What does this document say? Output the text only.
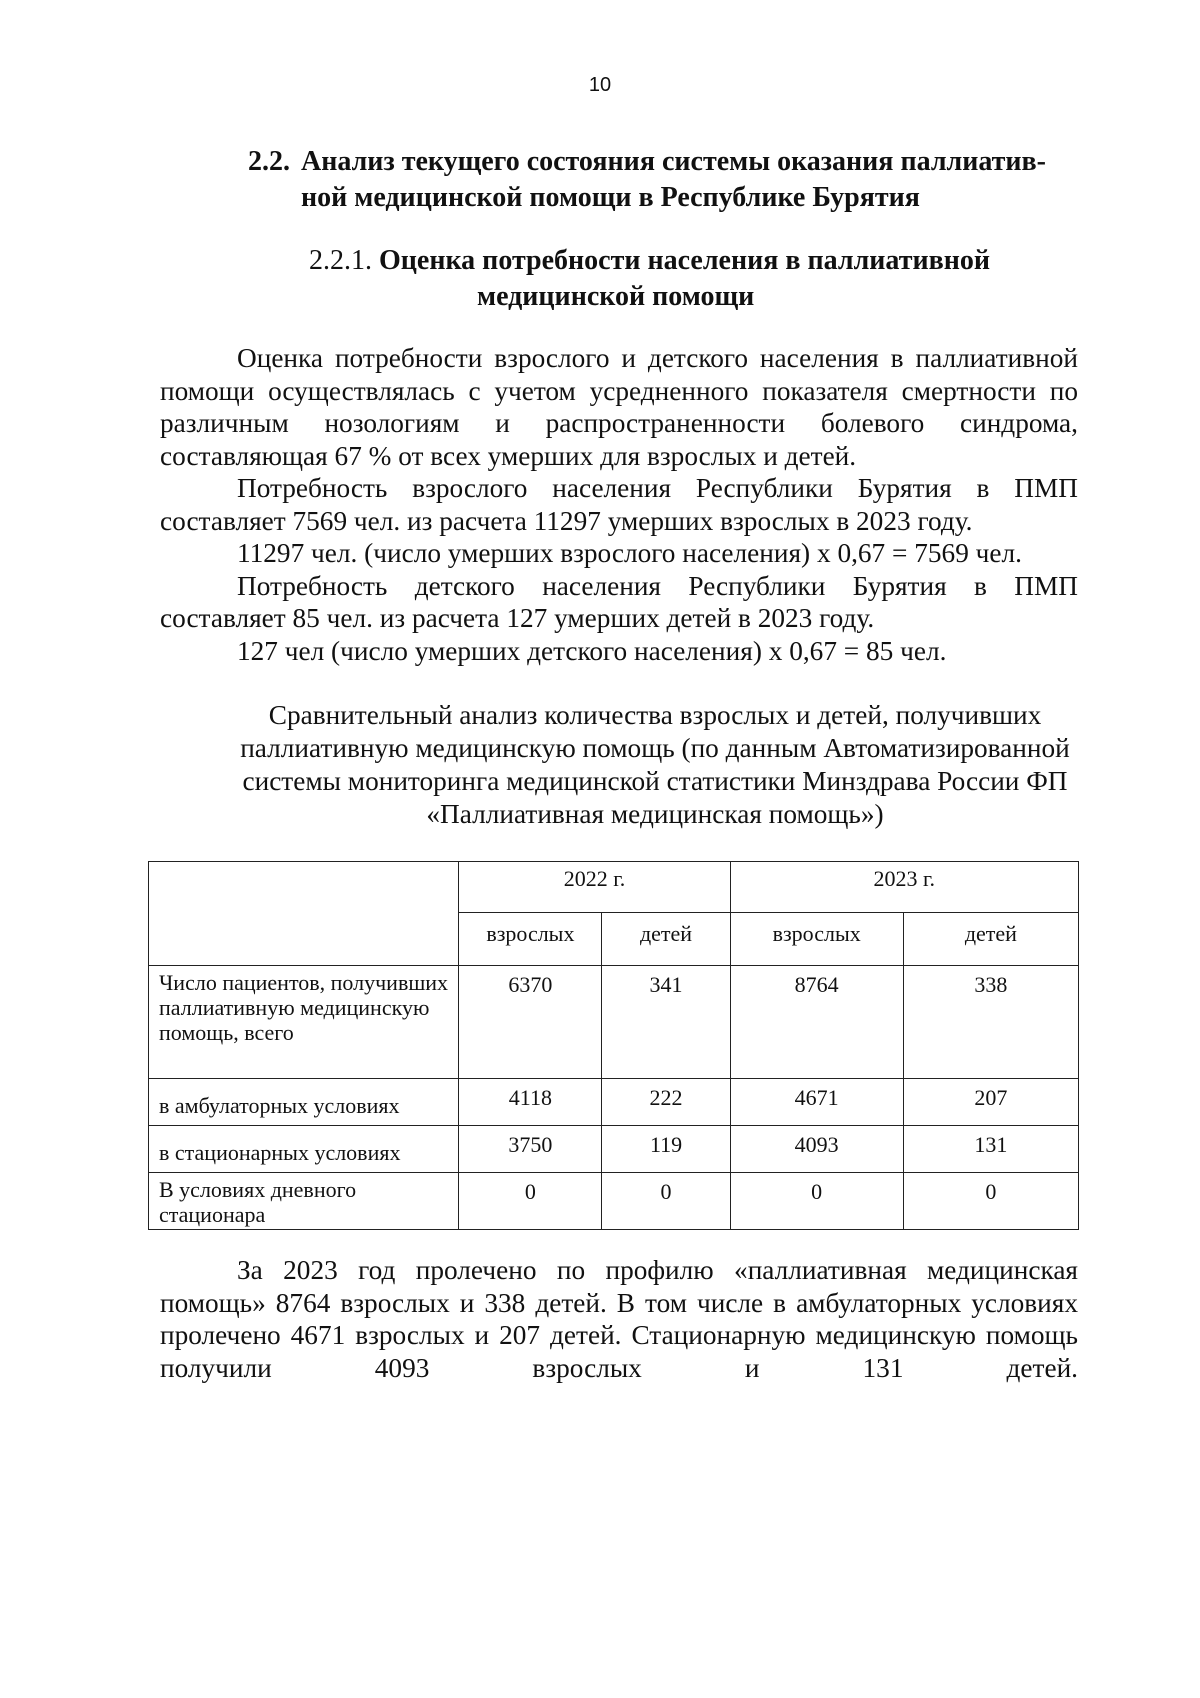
10
2.2. Анализ текущего состояния системы оказания паллиатив-
ной медицинской помощи в Республике Бурятия
2.2.1. Оценка потребности населения в паллиативной
медицинской помощи

Оценка потребности взрослого и детского населения в паллиативной помощи осуществлялась с учетом усредненного показателя смертности по различным нозологиям и распространенности болевого синдрома, составляющая 67 % от всех умерших для взрослых и детей.

Потребность взрослого населения Республики Бурятия в ПМП составляет 7569 чел. из расчета 11297 умерших взрослых в 2023 году.

11297 чел. (число умерших взрослого населения) х 0,67 = 7569 чел.

Потребность детского населения Республики Бурятия в ПМП составляет 85 чел. из расчета 127 умерших детей в 2023 году.

127 чел (число умерших детского населения) х 0,67 = 85 чел.

Сравнительный анализ количества взрослых и детей, получивших паллиативную медицинскую помощь (по данным Автоматизированной системы мониторинга медицинской статистики Минздрава России ФП «Паллиативная медицинская помощь»)
	2022 г.		2023 г.	
	взрослых	детей	взрослых	детей
Число пациентов, получивших паллиативную медицинскую помощь, всего	6370	341	8764	338
в амбулаторных условиях	4118	222	4671	207
в стационарных условиях	3750	119	4093	131
В условиях дневного стационара	0	0	0	0

За 2023 год пролечено по профилю «паллиативная медицинская помощь» 8764 взрослых и 338 детей. В том числе в амбулаторных условиях пролечено 4671 взрослых и 207 детей. Стационарную медицинскую помощь получили 4093 взрослых и 131 детей.
